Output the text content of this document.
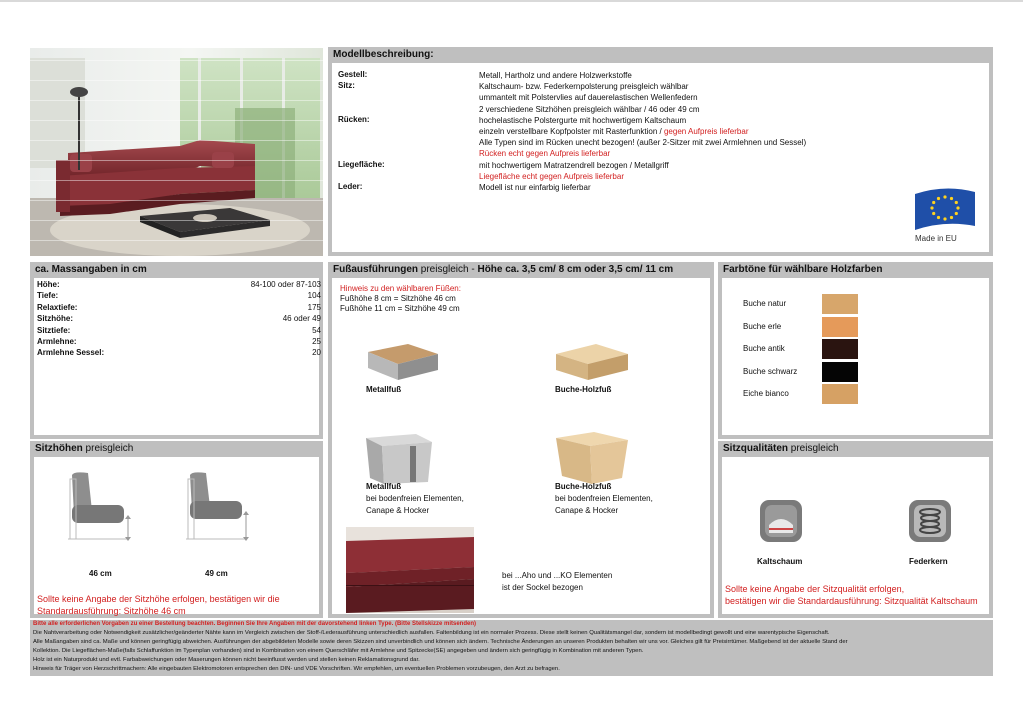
Modellbeschreibung:
Gestell:	Metall, Hartholz und andere Holzwerkstoffe
Sitz:	Kaltschaum- bzw. Federkernpolsterung preisgleich wählbar
ummantelt mit Polstervlies auf dauerelastischen Wellenfedern
2 verschiedene Sitzhöhen preisgleich wählbar / 46 oder 49 cm
Rücken:	hochelastische Polstergurte mit hochwertigem Kaltschaum
einzeln verstellbare Kopfpolster mit Rasterfunktion / gegen Aufpreis lieferbar
Alle Typen sind im Rücken unecht bezogen! (außer 2-Sitzer mit zwei Armlehnen und Sessel)
Rücken echt gegen Aufpreis lieferbar
Liegefläche:	mit hochwertigem Matratzendrell bezogen / Metallgriff
Liegefläche echt gegen Aufpreis lieferbar
Leder:	Modell ist nur einfarbig lieferbar
Made in EU
ca. Massangaben in cm
Höhe:	84-100 oder 87-103
Tiefe:	104
Relaxtiefe:	175
Sitzhöhe:	46 oder 49
Sitztiefe:	54
Armlehne:	25
Armlehne Sessel:	20
Fußausführungen preisgleich - Höhe ca. 3,5 cm/ 8 cm oder 3,5 cm/ 11 cm
Hinweis zu den wählbaren Füßen:
Fußhöhe 8 cm = Sitzhöhe 46 cm
Fußhöhe 11 cm = Sitzhöhe 49 cm
Metallfuß	Buche-Holzfuß
Metallfuß
bei bodenfreien Elementen,
Canape & Hocker
Buche-Holzfuß
bei bodenfreien Elementen,
Canape & Hocker
bei ...Aho und ...KO Elementen
ist der Sockel bezogen
Farbtöne für wählbare Holzfarben
Buche natur
Buche erle
Buche antik
Buche schwarz
Eiche bianco
Sitzhöhen preisgleich
46 cm	49 cm
Sollte keine Angabe der Sitzhöhe erfolgen, bestätigen wir die
Standardausführung: Sitzhöhe 46 cm
Sitzqualitäten preisgleich
Kaltschaum	Federkern
Sollte keine Angabe der Sitzqualität erfolgen,
bestätigen wir die Standardausführung: Sitzqualität Kaltschaum
Bitte alle erforderlichen Vorgaben zu einer Bestellung beachten. Beginnen Sie Ihre Angaben mit der davorstehend linken Type. (Bitte Stellskizze mitsenden)
Die Nahtverarbeitung oder Notwendigkeit zusätzlicher/geänderter Nähte kann im Vergleich zwischen der Stoff-/Lederausführung unterschiedlich ausfallen. Faltenbildung ist ein normaler Prozess. Diese stellt keinen Qualitätsmangel dar, sondern ist modellbedingt gewollt und eine warentypische Eigenschaft.
Alle Maßangaben sind ca. Maße und können geringfügig abweichen. Ausführungen der abgebildeten Modelle sowie deren Skizzen sind unverbindlich und können sich ändern. Technische Änderungen an unseren Produkten behalten wir uns vor. Gleiches gilt für Preisirrtümer. Maßgebend ist der aktuelle Stand der
Kollektion. Die Liegeflächen-Maße(falls Schlaffunktion im Typenplan vorhanden) sind in Kombination von einem Querschläfer mit Armlehne und Spitzecke(SE) angegeben und ändern sich geringfügig in Kombination mit anderen Typen.
Holz ist ein Naturprodukt und evtl. Farbabweichungen oder Maserungen können nicht beeinflusst werden und stellen keinen Reklamationsgrund dar.
Hinweis für Träger von Herzschrittmachern: Alle eingebauten Elektromotoren entsprechen den DIN- und VDE Vorschriften. Wir empfehlen, um eventuellen Problemen vorzubeugen, den Arzt zu befragen.
